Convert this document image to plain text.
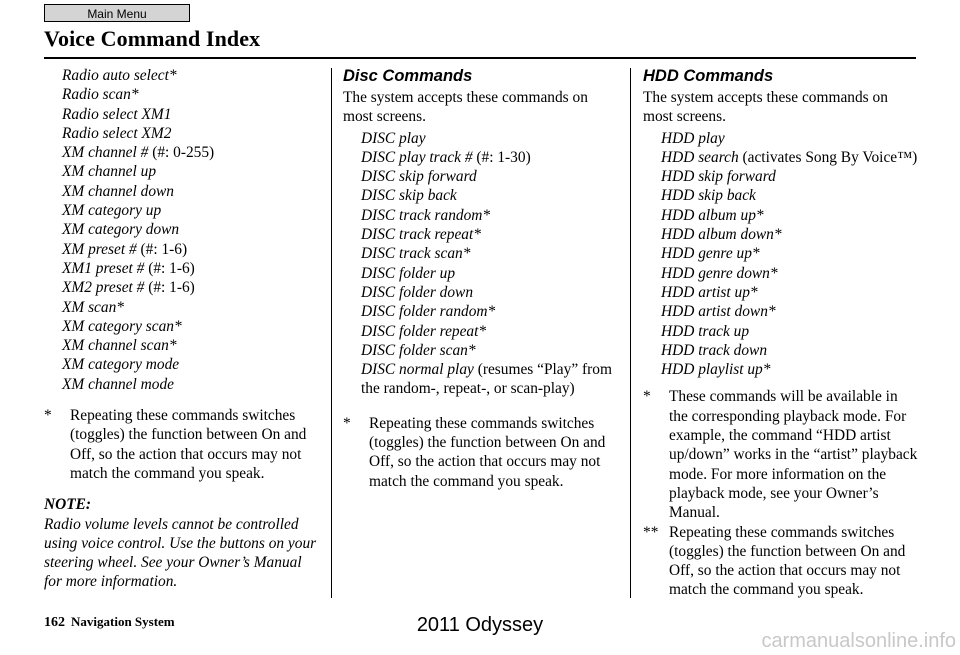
Main Menu
Voice Command Index

Radio auto select*

Radio scan*

Radio select XM1

Radio select XM2

XM channel # (#: 0-255)

XM channel up

XM channel down

XM category up

XM category down

XM preset # (#: 1-6)

XM1 preset # (#: 1-6)

XM2 preset # (#: 1-6)

XM scan*

XM category scan*

XM channel scan*

XM category mode

XM channel mode

*	Repeating these commands switches (toggles) the function between On and Off, so the action that occurs may not match the command you speak.

NOTE:

Radio volume levels cannot be controlled using voice control. Use the buttons on your steering wheel. See your Owner’s Manual for more information.

Disc Commands

The system accepts these commands on most screens.

DISC play

DISC play track # (#: 1-30)

DISC skip forward

DISC skip back

DISC track random*

DISC track repeat*

DISC track scan*

DISC folder up

DISC folder down

DISC folder random*

DISC folder repeat*

DISC folder scan*

DISC normal play (resumes “Play” from the random-, repeat-, or scan-play)

*	Repeating these commands switches (toggles) the function between On and Off, so the action that occurs may not match the command you speak.
HDD Commands

The system accepts these commands on most screens.

HDD play

HDD search (activates Song By Voice™)

HDD skip forward

HDD skip back

HDD album up*

HDD album down*

HDD genre up*

HDD genre down*

HDD artist up*

HDD artist down*

HDD track up

HDD track down

HDD playlist up*

*	These commands will be available in the corresponding playback mode. For example, the command “HDD artist up/down” works in the “artist” playback mode. For more information on the playback mode, see your Owner’s Manual.
** Repeating these commands switches (toggles) the function between On and Off, so the action that occurs may not match the command you speak.
162 Navigation System	2011 Odyssey
carmanualsonline.info
